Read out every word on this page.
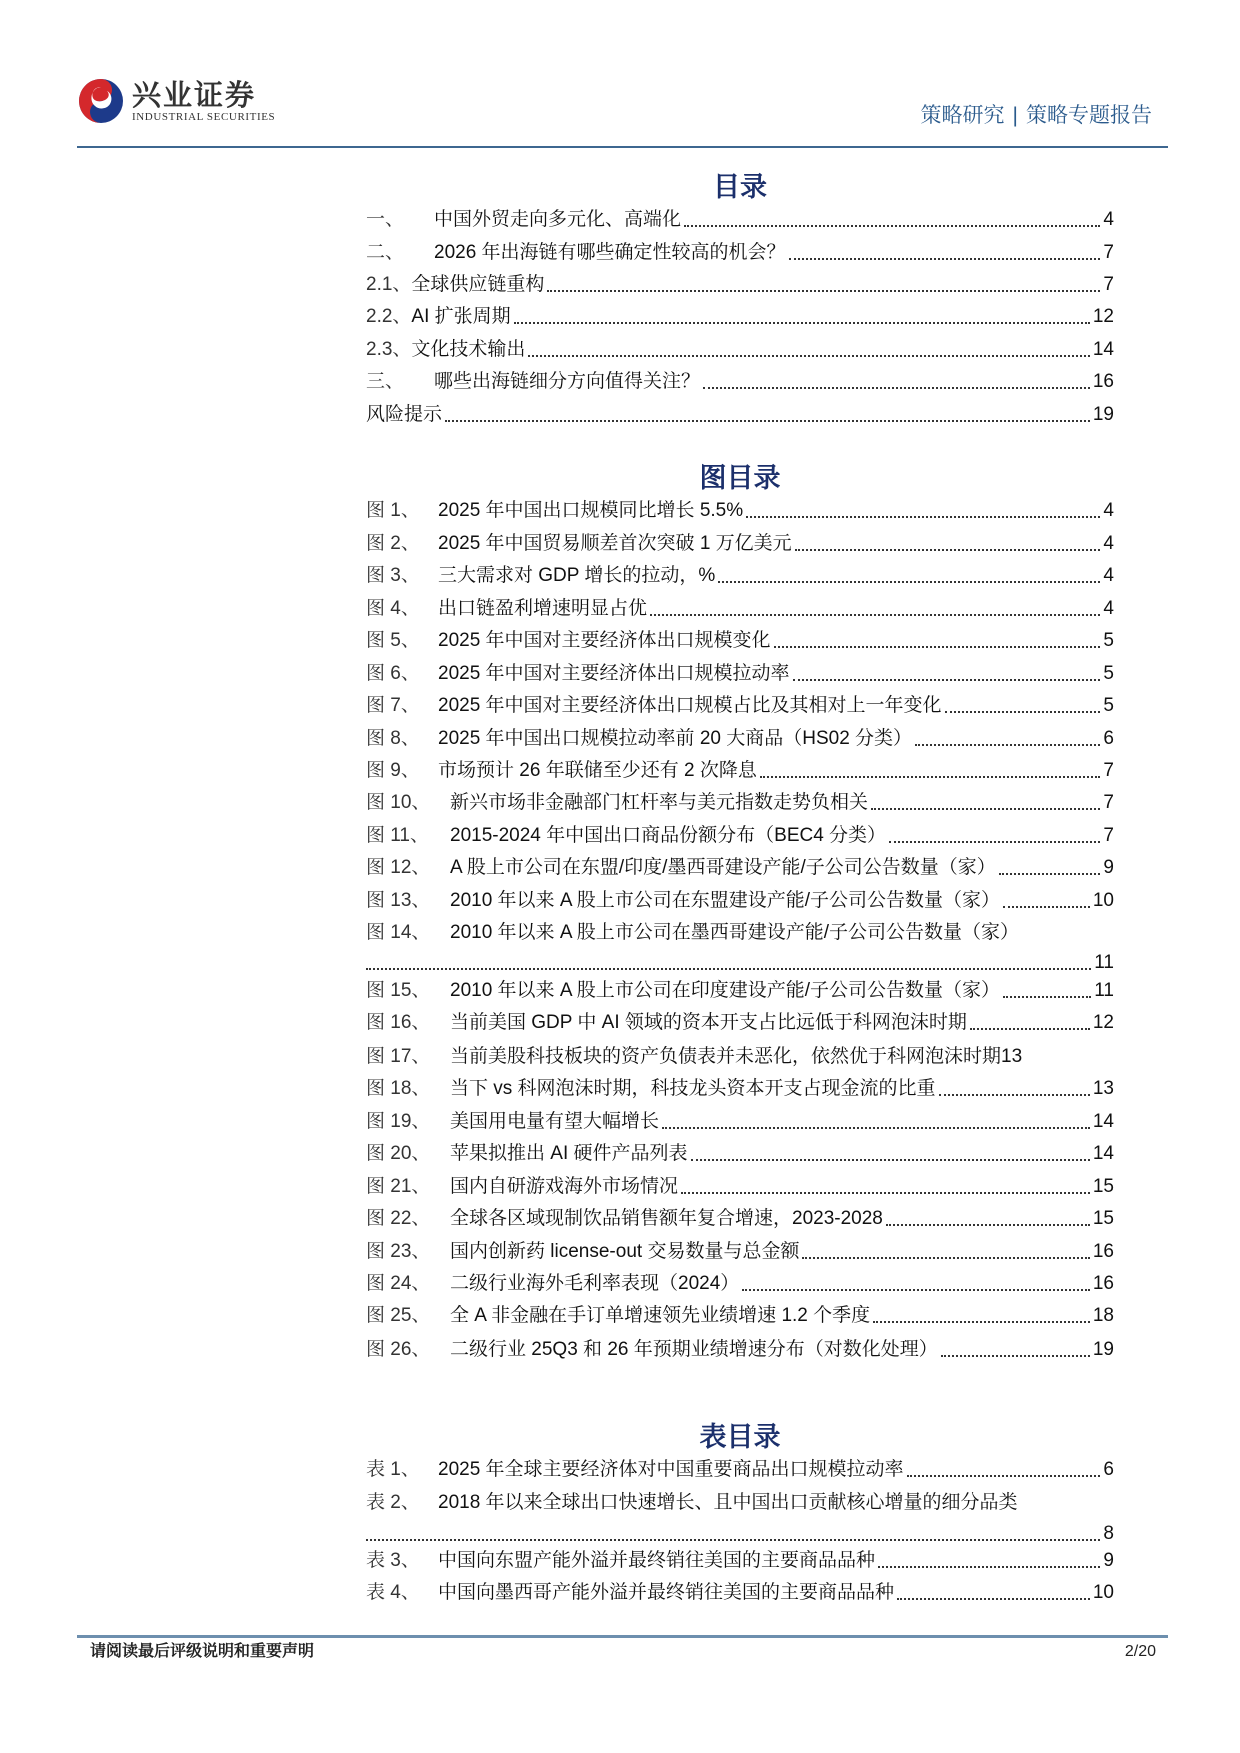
兴业证券
INDUSTRIAL SECURITIES	策略研究 | 策略专题报告
目录
一、	中国外贸走向多元化、高端化	4
二、	2026 年出海链有哪些确定性较高的机会？	7
2.1、 全球供应链重构	7
2.2、 AI 扩张周期	12
2.3、 文化技术输出	14
三、	哪些出海链细分方向值得关注？	16
风险提示	19
图目录
图 1、 2025 年中国出口规模同比增长 5.5%	4
图 2、 2025 年中国贸易顺差首次突破 1 万亿美元	4
图 3、 三大需求对 GDP 增长的拉动，%	4
图 4、 出口链盈利增速明显占优	4
图 5、 2025 年中国对主要经济体出口规模变化	5
图 6、 2025 年中国对主要经济体出口规模拉动率	5
图 7、 2025 年中国对主要经济体出口规模占比及其相对上一年变化	5
图 8、 2025 年中国出口规模拉动率前 20 大商品（HS02 分类）	6
图 9、 市场预计 26 年联储至少还有 2 次降息	7
图 10、	新兴市场非金融部门杠杆率与美元指数走势负相关	7
图 11、	2015-2024 年中国出口商品份额分布（BEC4 分类）	7
图 12、	A 股上市公司在东盟/印度/墨西哥建设产能/子公司公告数量（家）	9
图 13、	2010 年以来 A 股上市公司在东盟建设产能/子公司公告数量（家）	10
图 14、	2010 年以来 A 股上市公司在墨西哥建设产能/子公司公告数量（家）
11
图 15、	2010 年以来 A 股上市公司在印度建设产能/子公司公告数量（家）	11
图 16、	当前美国 GDP 中 AI 领域的资本开支占比远低于科网泡沫时期	12
图 17、	当前美股科技板块的资产负债表并未恶化，依然优于科网泡沫时期 13
图 18、	当下 vs 科网泡沫时期，科技龙头资本开支占现金流的比重	13
图 19、	美国用电量有望大幅增长	14
图 20、	苹果拟推出 AI 硬件产品列表	14
图 21、	国内自研游戏海外市场情况	15
图 22、	全球各区域现制饮品销售额年复合增速，2023-2028	15
图 23、	国内创新药 license-out 交易数量与总金额	16
图 24、	二级行业海外毛利率表现（2024）	16
图 25、	全 A 非金融在手订单增速领先业绩增速 1.2 个季度	18
图 26、	二级行业 25Q3 和 26 年预期业绩增速分布（对数化处理）	19
表目录
表 1、 2025 年全球主要经济体对中国重要商品出口规模拉动率	6
表 2、 2018 年以来全球出口快速增长、且中国出口贡献核心增量的细分品类
8
表 3、 中国向东盟产能外溢并最终销往美国的主要商品品种	9
表 4、 中国向墨西哥产能外溢并最终销往美国的主要商品品种	10
请阅读最后评级说明和重要声明	2/20
